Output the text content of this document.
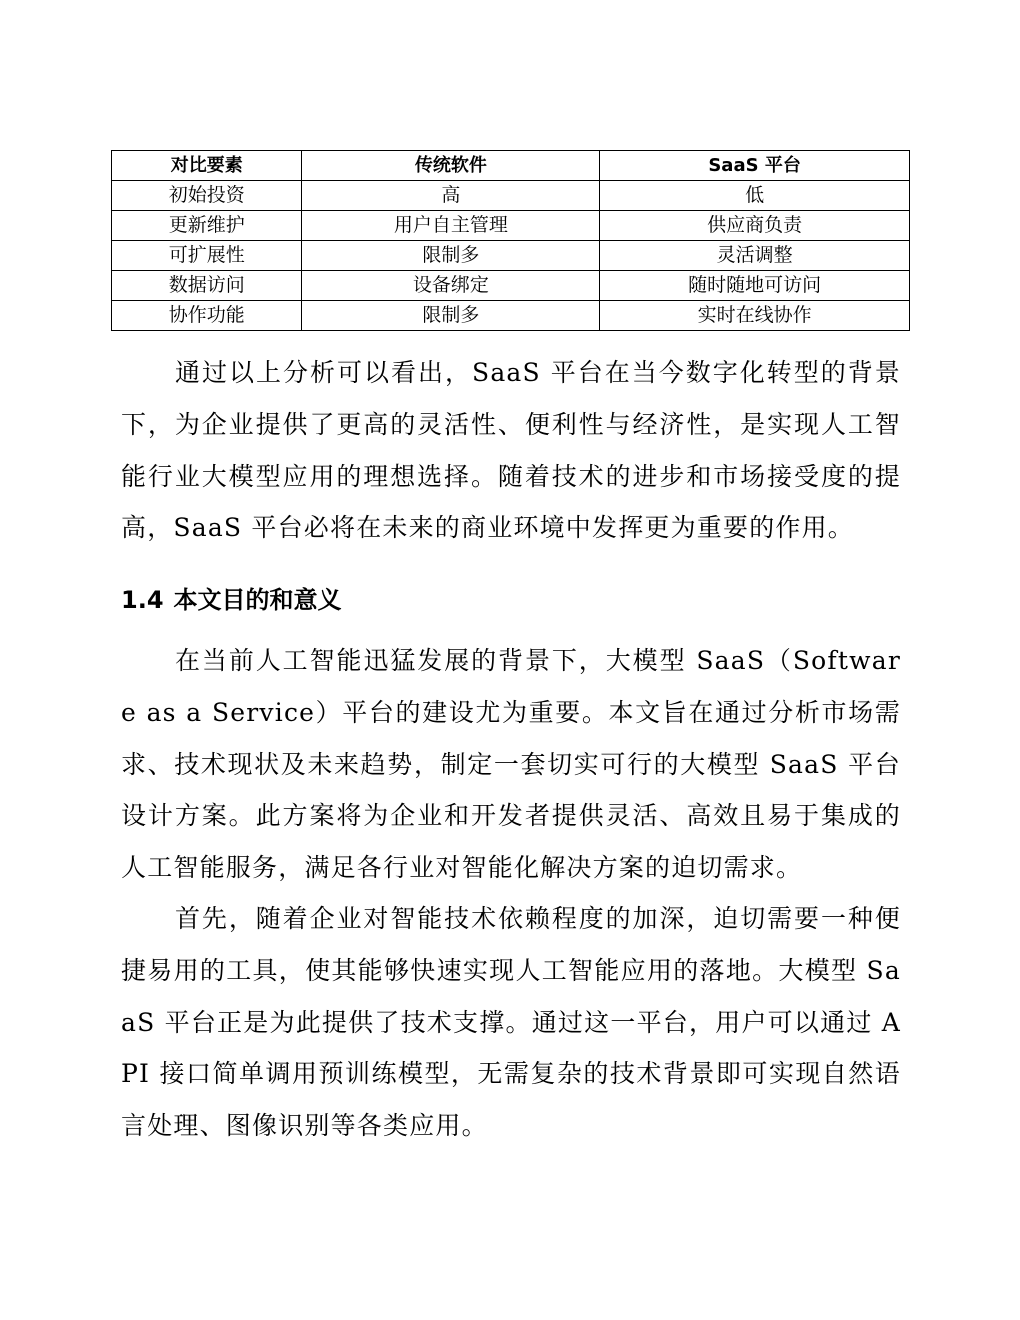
对比要素	传统软件	SaaS 平台
初始投资	高	低
更新维护	用户自主管理	供应商负责
可扩展性	限制多	灵活调整
数据访问	设备绑定	随时随地可访问
协作功能	限制多	实时在线协作

通过以上分析可以看出，SaaS 平台在当今数字化转型的背景下，为企业提供了更高的灵活性、便利性与经济性，是实现人工智能行业大模型应用的理想选择。随着技术的进步和市场接受度的提高，SaaS 平台必将在未来的商业环境中发挥更为重要的作用。

1.4 本文目的和意义

在当前人工智能迅猛发展的背景下，大模型 SaaS（Software as a Service）平台的建设尤为重要。本文旨在通过分析市场需求、技术现状及未来趋势，制定一套切实可行的大模型 SaaS 平台设计方案。此方案将为企业和开发者提供灵活、高效且易于集成的人工智能服务，满足各行业对智能化解决方案的迫切需求。

首先，随着企业对智能技术依赖程度的加深，迫切需要一种便捷易用的工具，使其能够快速实现人工智能应用的落地。大模型 SaaS 平台正是为此提供了技术支撑。通过这一平台，用户可以通过 API 接口简单调用预训练模型，无需复杂的技术背景即可实现自然语言处理、图像识别等各类应用。
